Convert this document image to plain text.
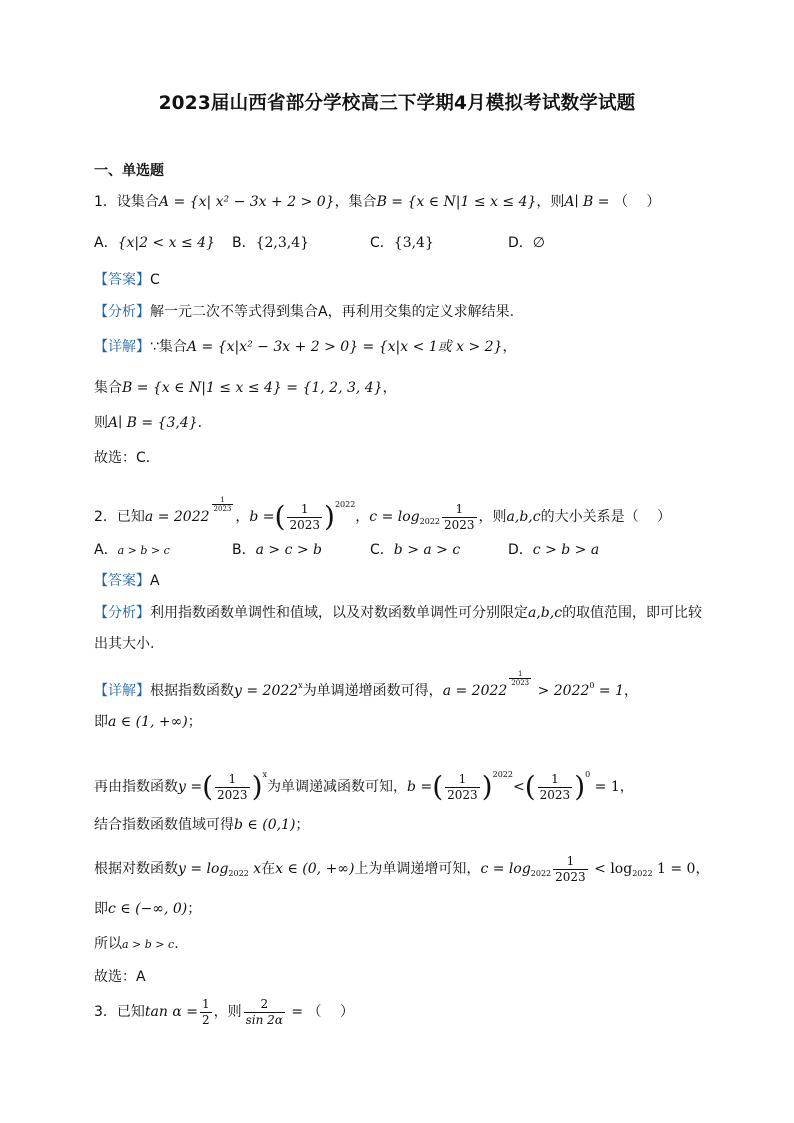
2023届山西省部分学校高三下学期4月模拟考试数学试题
一、单选题
1．设集合A = {x| x² − 3x + 2 > 0}，集合B = {x ∈ N|1 ≤ x ≤ 4}，则A∣ B = （　 ）
A．{x|2 < x ≤ 4} B．{2,3,4}	C．{3,4}	D．∅
【答案】C
【分析】解一元二次不等式得到集合A，再利用交集的定义求解结果.
【详解】∵集合A = {x|x² − 3x + 2 > 0} = {x|x < 1或 x > 2}，
集合B = {x ∈ N|1 ≤ x ≤ 4} = {1, 2, 3, 4}，
则A∣ B = {3,4}.
故选：C．
2．已知a = 2022
$\frac{1}{2023}$
，b =( $\frac{1}{2023} )^{2022}$，$c = \log_{2022} \frac{1}{2023}$ ，则a,b,c的大小关系是（　 ）
A．a > b > c	B．a > c > b	C．b > a > c	D．c > b > a
【答案】A
【分析】利用指数函数单调性和值域，以及对数函数单调性可分别限定a,b,c的取值范围，即可比较
出其大小.
【详解】根据指数函数$y = 2022^x$为单调递增函数可得，a = 2022
$\frac{1}{2023}$
> $2022^0 = 1$，
即a ∈ (1, +∞)；
再由指数函数y =( $\frac{1}{2023} )^x$为单调递减函数可知，b =( $\frac{1}{2023} )^{2022}<( \frac{1}{2023} )^0 = 1$，
结合指数函数值域可得b ∈ (0,1)；
根据对数函数$y = \log_{2022} x$在x ∈ (0, +∞)上为单调递增可知，$c = \log_{2022} \frac{1}{2023} < \log_{2022} 1 = 0$，
即c ∈ (−∞, 0)；
所以a > b > c.
故选：A
3．已知$\tan \alpha = \frac{1}{2}$ ，则 $\frac{2}{\sin 2\alpha}$ = （　 ）
